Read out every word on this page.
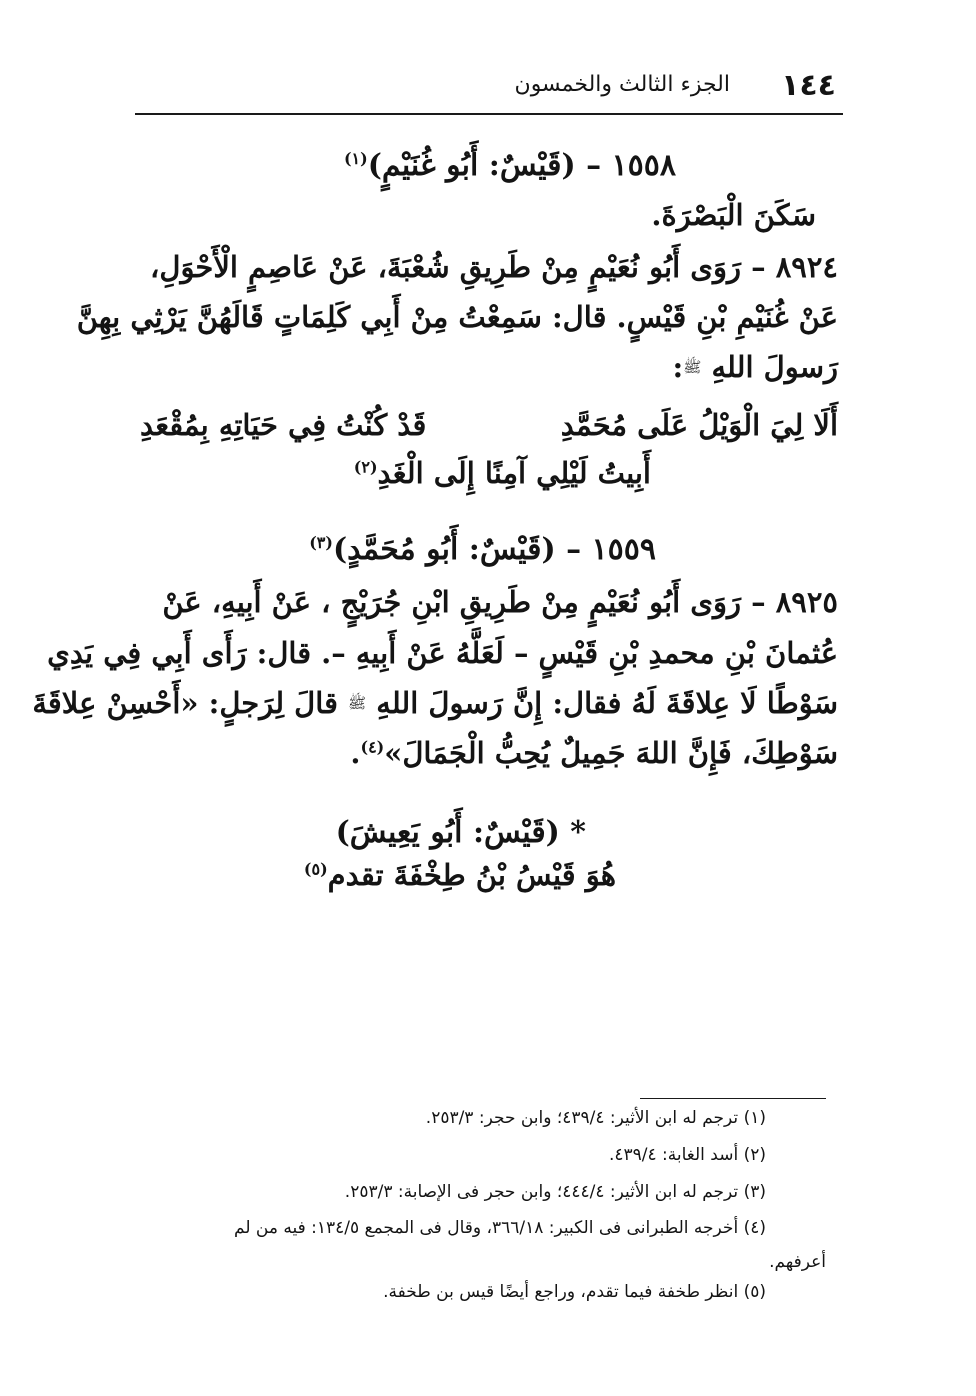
١٤٤
الجزء الثالث والخمسون
١٥٥٨ – (قَيْسٌ: أَبُو غُنَيْمٍ)$^{(١)}$
سَكَنَ الْبَصْرَةَ.
٨٩٢٤ – رَوَى أَبُو نُعَيْمٍ مِنْ طَرِيقِ شُعْبَةَ، عَنْ عَاصِمٍ الْأَحْوَلِ،
عَنْ غُنَيْمِ بْنِ قَيْسٍ. قال: سَمِعْتُ مِنْ أَبِي كَلِمَاتٍ قَالَهُنَّ يَرْثِي بِهِنَّ
رَسولَ اللهِ ﷺ:
أَلَا لِيَ الْوَيْلُ عَلَى مُحَمَّدِ
قَدْ كُنْتُ فِي حَيَاتِهِ بِمُقْعَدِ
أَبِيتُ لَيْلِي آمِنًا إِلَى الْغَدِ$^{(٢)}$
١٥٥٩ – (قَيْسٌ: أَبُو مُحَمَّدٍ)$^{(٣)}$
٨٩٢٥ – رَوَى أَبُو نُعَيْمٍ مِنْ طَرِيقِ ابْنِ جُرَيْجٍ ، عَنْ أَبِيهِ، عَنْ
عُثمانَ بْنِ محمدِ بْنِ قَيْسٍ – لَعَلَّهُ عَنْ أَبِيهِ –. قال: رَأَى أَبِي فِي يَدِي
سَوْطًا لَا عِلاقَةَ لَهُ فقال: إِنَّ رَسولَ اللهِ ﷺ قالَ لِرَجلٍ: «أَحْسِنْ عِلاقَةَ
سَوْطِكَ، فَإِنَّ اللهَ جَمِيلٌ يُحِبُّ الْجَمَالَ»$^{(٤)}$.
* (قَيْسٌ: أَبُو يَعِيشَ)
هُوَ قَيْسُ بْنُ طِخْفَةَ تقدم$^{(٥)}$
(١) ترجم له ابن الأثير: ٤٣٩/٤؛ وابن حجر: ٢٥٣/٣.
(٢) أسد الغابة: ٤٣٩/٤.
(٣) ترجم له ابن الأثير: ٤٤٤/٤؛ وابن حجر فى الإصابة: ٢٥٣/٣.
(٤) أخرجه الطبرانى فى الكبير: ٣٦٦/١٨، وقال فى المجمع ١٣٤/٥: فيه من لم
أعرفهم.
(٥) انظر طخفة فيما تقدم، وراجع أيضًا قيس بن طخفة.
